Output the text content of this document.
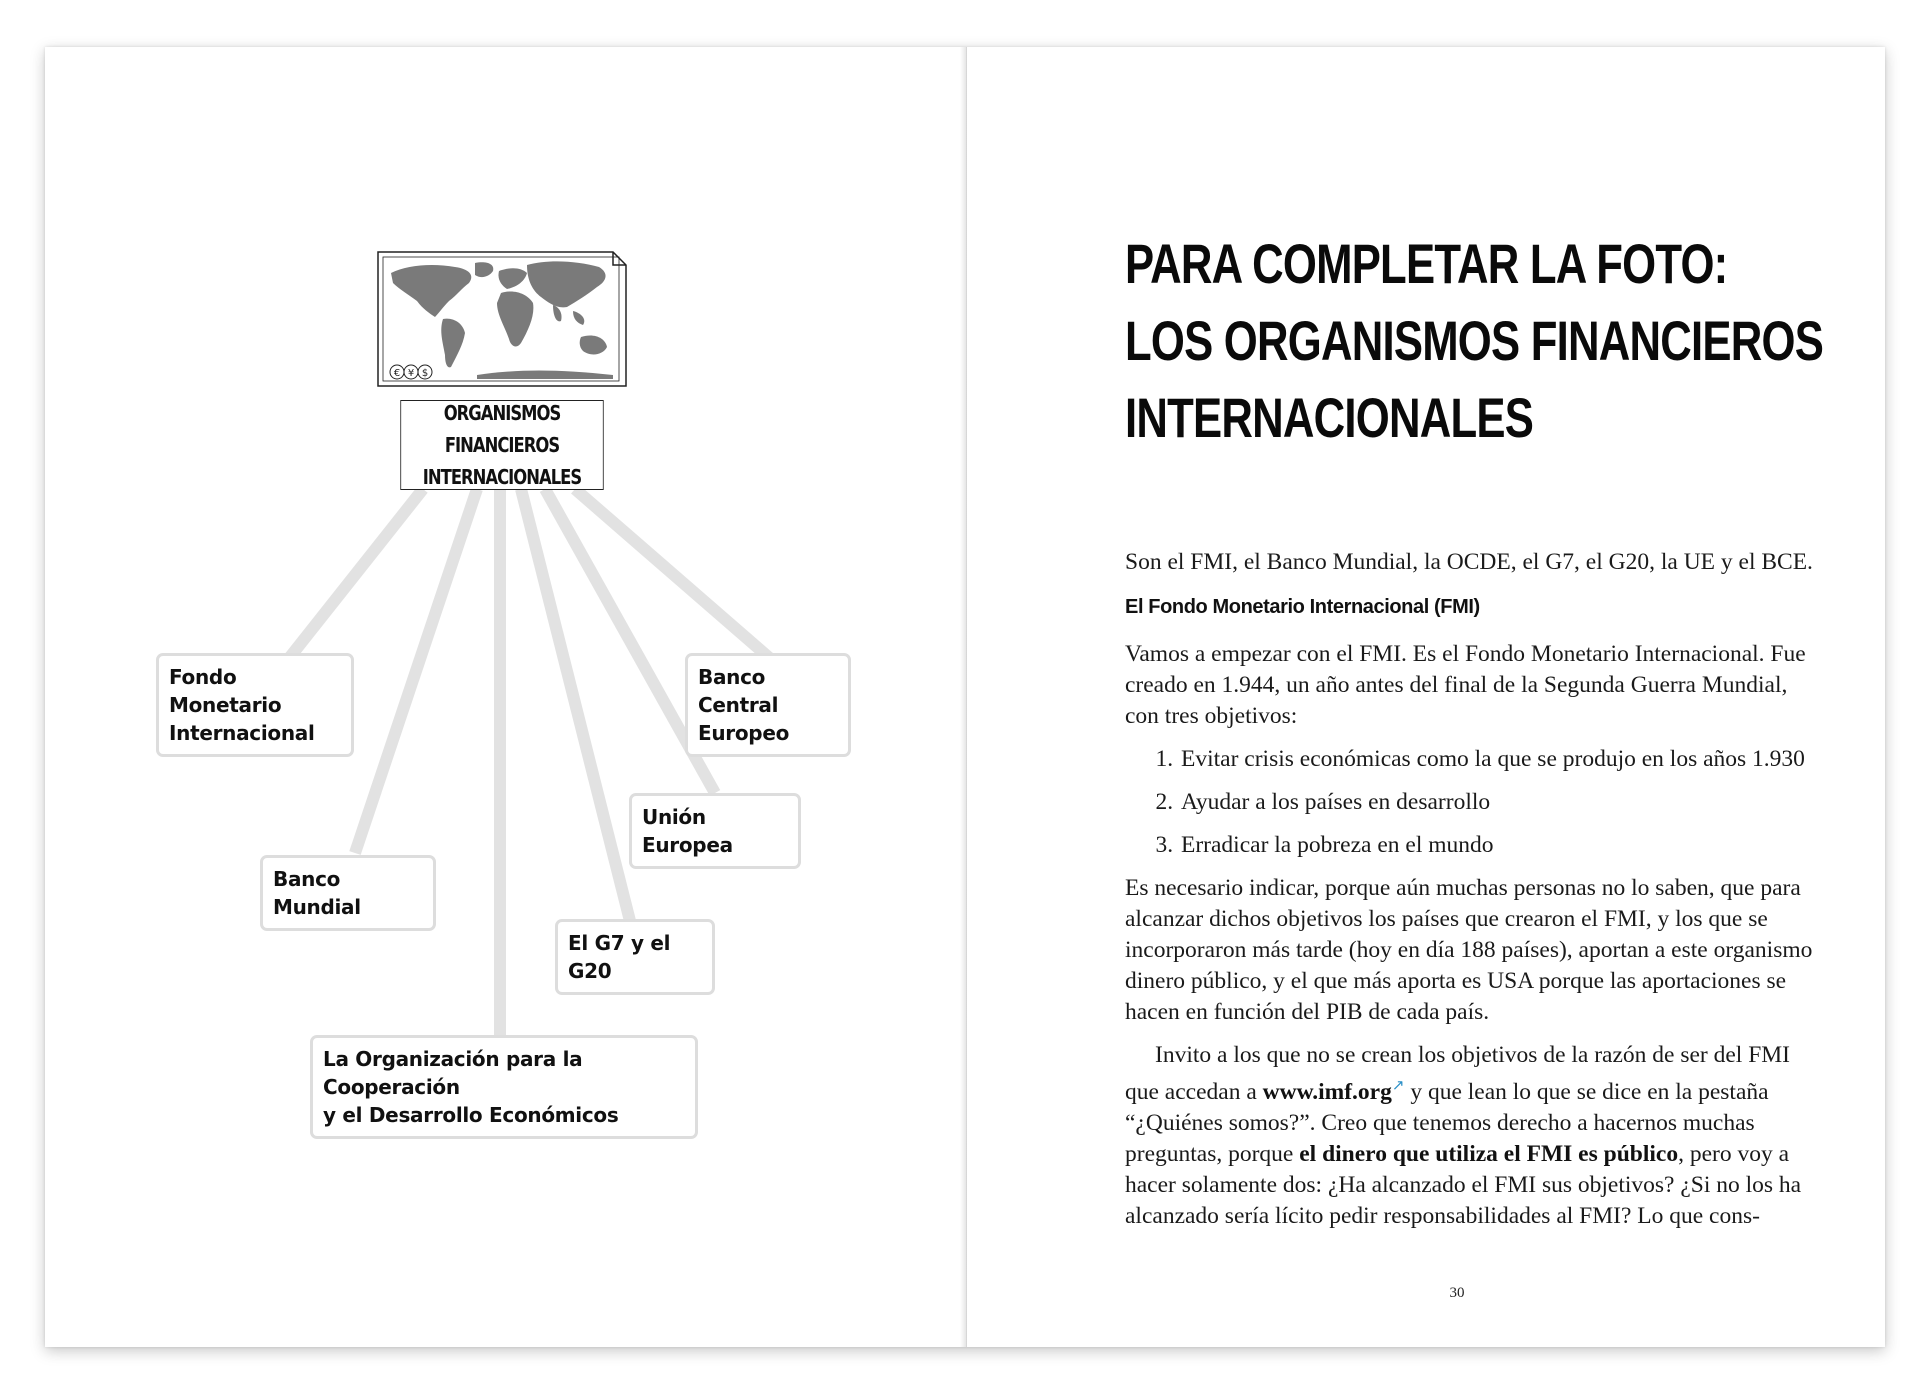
€ ¥ $
ORGANISMOS FINANCIEROS
INTERNACIONALES
Fondo Monetario
Internacional
Banco Central
Europeo
Unión Europea
Banco Mundial
El G7 y el G20
La Organización para la Cooperación
y el Desarrollo Económicos
PARA COMPLETAR LA FOTO:
LOS ORGANISMOS FINANCIEROS
INTERNACIONALES

Son el FMI, el Banco Mundial, la OCDE, el G7, el G20, la UE y el BCE.

El Fondo Monetario Internacional (FMI)

Vamos a empezar con el FMI. Es el Fondo Monetario Internacional. Fue creado en 1.944, un año antes del final de la Segunda Guerra Mundial, con tres objetivos:

1. Evitar crisis económicas como la que se produjo en los años 1.930
2. Ayudar a los países en desarrollo
3. Erradicar la pobreza en el mundo

Es necesario indicar, porque aún muchas personas no lo saben, que para alcanzar dichos objetivos los países que crearon el FMI, y los que se incorporaron más tarde (hoy en día 188 países), aportan a este organismo dinero público, y el que más aporta es USA porque las aportaciones se hacen en función del PIB de cada país.

Invito a los que no se crean los objetivos de la razón de ser del FMI que accedan a www.imf.org↗ y que lean lo que se dice en la pestaña “¿Quiénes somos?”. Creo que tenemos derecho a hacernos muchas preguntas, porque el dinero que utiliza el FMI es público, pero voy a hacer solamente dos: ¿Ha alcanzado el FMI sus objetivos? ¿Si no los ha alcanzado sería lícito pedir responsabilidades al FMI? Lo que cons-

30
